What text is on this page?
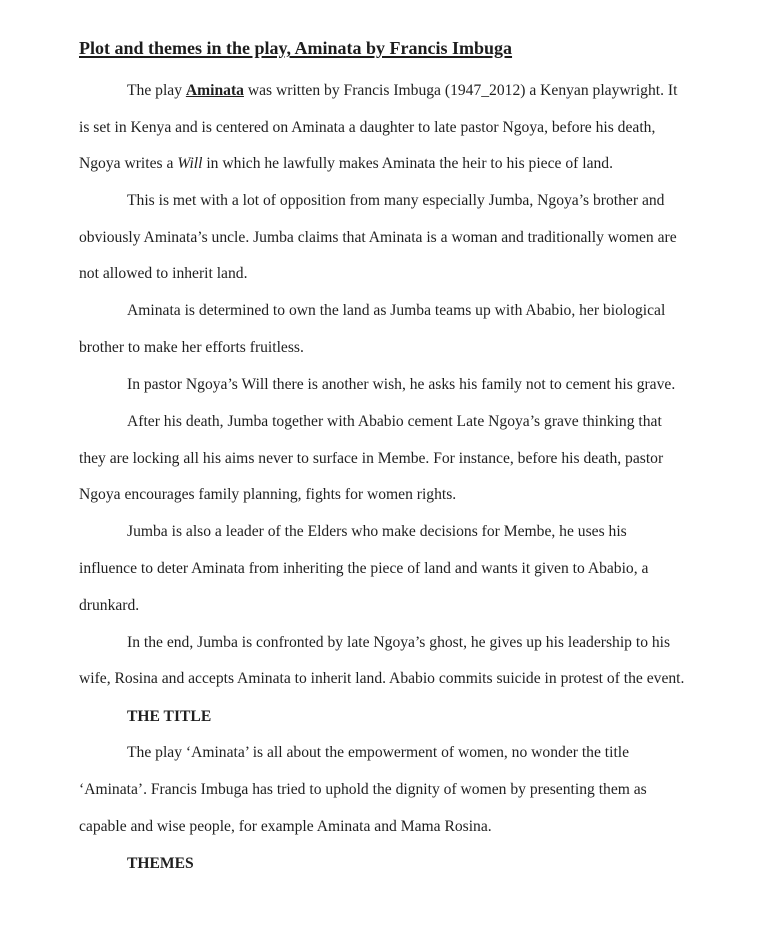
Plot and themes in the play, Aminata by Francis Imbuga
The play Aminata was written by Francis Imbuga (1947_2012) a Kenyan playwright. It
is set in Kenya and is centered on Aminata a daughter to late pastor Ngoya, before his death,
Ngoya writes a Will in which he lawfully makes Aminata the heir to his piece of land.
This is met with a lot of opposition from many especially Jumba, Ngoya’s brother and
obviously Aminata’s uncle. Jumba claims that Aminata is a woman and traditionally women are
not allowed to inherit land.
Aminata is determined to own the land as Jumba teams up with Ababio, her biological
brother to make her efforts fruitless.
In pastor Ngoya’s Will there is another wish, he asks his family not to cement his grave.
After his death, Jumba together with Ababio cement Late Ngoya’s grave thinking that
they are locking all his aims never to surface in Membe. For instance, before his death, pastor
Ngoya encourages family planning, fights for women rights.
Jumba is also a leader of the Elders who make decisions for Membe, he uses his
influence to deter Aminata from inheriting the piece of land and wants it given to Ababio, a
drunkard.
In the end, Jumba is confronted by late Ngoya’s ghost, he gives up his leadership to his
wife, Rosina and accepts Aminata to inherit land. Ababio commits suicide in protest of the event.
THE TITLE
The play ‘Aminata’ is all about the empowerment of women, no wonder the title
‘Aminata’. Francis Imbuga has tried to uphold the dignity of women by presenting them as
capable and wise people, for example Aminata and Mama Rosina.
THEMES
